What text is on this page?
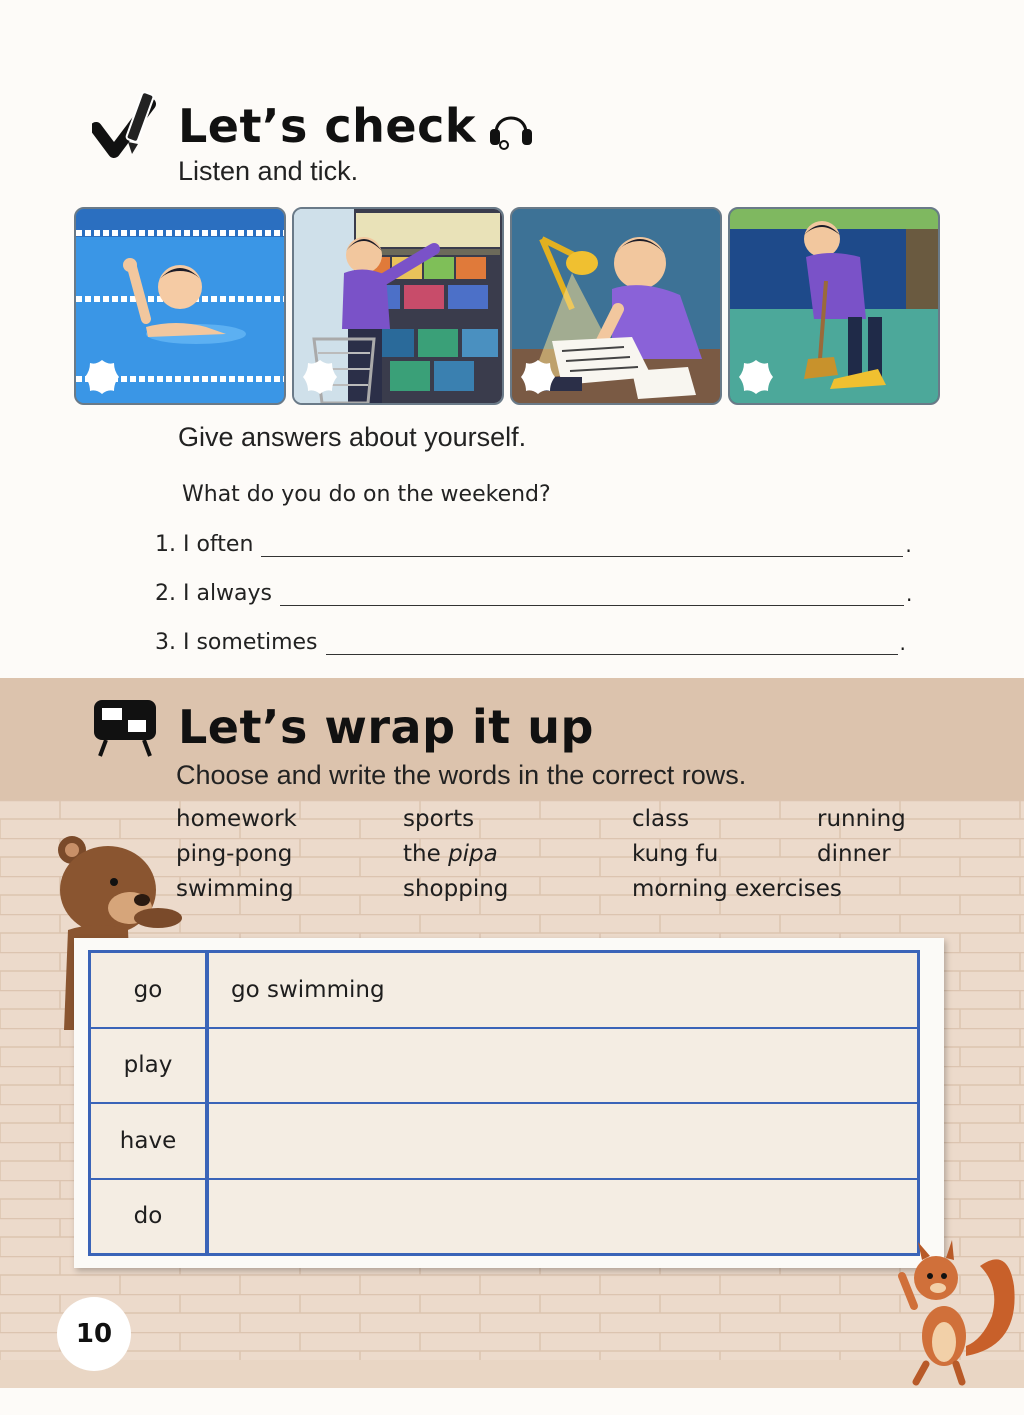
Let’s check
Listen and tick.
Give answers about yourself.
What do you do on the weekend?
1. I often	.
2. I always	.
3. I sometimes	.
Let’s wrap it up
Choose and write the words in the correct rows.
homework	sports	class	running
ping-pong	the pipa	kung fu	dinner
swimming	shopping	morning exercises
go	go swimming
play
have
do
10
